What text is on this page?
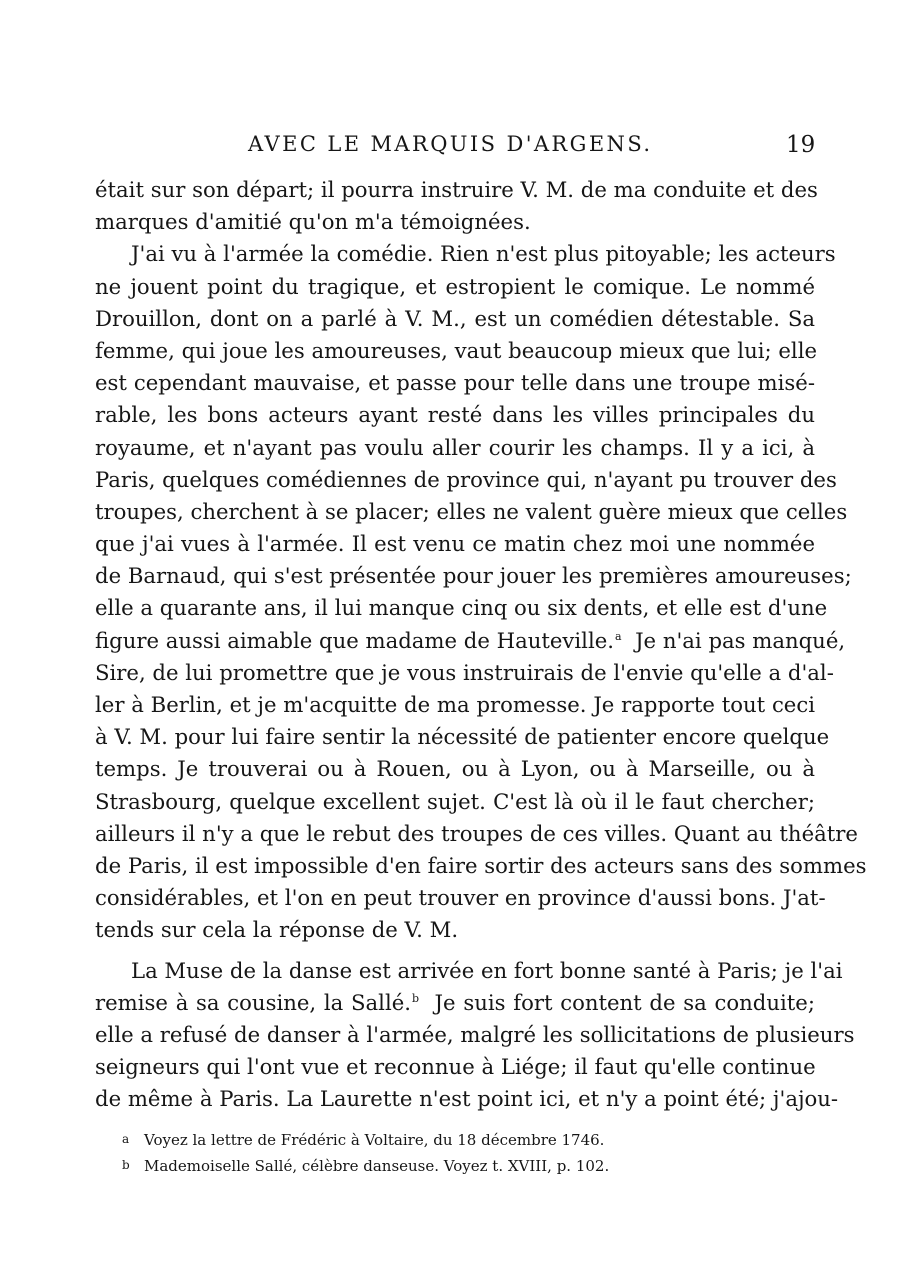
AVEC LE MARQUIS D'ARGENS.	19
était sur son départ; il pourra instruire V. M. de ma conduite et des
marques d'amitié qu'on m'a témoignées.
J'ai vu à l'armée la comédie. Rien n'est plus pitoyable; les acteurs
ne jouent point du tragique, et estropient le comique. Le nommé
Drouillon, dont on a parlé à V. M., est un comédien détestable. Sa
femme, qui joue les amoureuses, vaut beaucoup mieux que lui; elle
est cependant mauvaise, et passe pour telle dans une troupe misé-
rable, les bons acteurs ayant resté dans les villes principales du
royaume, et n'ayant pas voulu aller courir les champs. Il y a ici, à
Paris, quelques comédiennes de province qui, n'ayant pu trouver des
troupes, cherchent à se placer; elles ne valent guère mieux que celles
que j'ai vues à l'armée. Il est venu ce matin chez moi une nommée
de Barnaud, qui s'est présentée pour jouer les premières amoureuses;
elle a quarante ans, il lui manque cinq ou six dents, et elle est d'une
figure aussi aimable que madame de Hauteville.$^a$ Je n'ai pas manqué,
Sire, de lui promettre que je vous instruirais de l'envie qu'elle a d'al-
ler à Berlin, et je m'acquitte de ma promesse. Je rapporte tout ceci
à V. M. pour lui faire sentir la nécessité de patienter encore quelque
temps. Je trouverai ou à Rouen, ou à Lyon, ou à Marseille, ou à
Strasbourg, quelque excellent sujet. C'est là où il le faut chercher;
ailleurs il n'y a que le rebut des troupes de ces villes. Quant au théâtre
de Paris, il est impossible d'en faire sortir des acteurs sans des sommes
considérables, et l'on en peut trouver en province d'aussi bons. J'at-
tends sur cela la réponse de V. M.
La Muse de la danse est arrivée en fort bonne santé à Paris; je l'ai
remise à sa cousine, la Sallé.$^b$ Je suis fort content de sa conduite;
elle a refusé de danser à l'armée, malgré les sollicitations de plusieurs
seigneurs qui l'ont vue et reconnue à Liége; il faut qu'elle continue
de même à Paris. La Laurette n'est point ici, et n'y a point été; j'ajou-
a Voyez la lettre de Frédéric à Voltaire, du 18 décembre 1746.
b Mademoiselle Sallé, célèbre danseuse. Voyez t. XVIII, p. 102.
